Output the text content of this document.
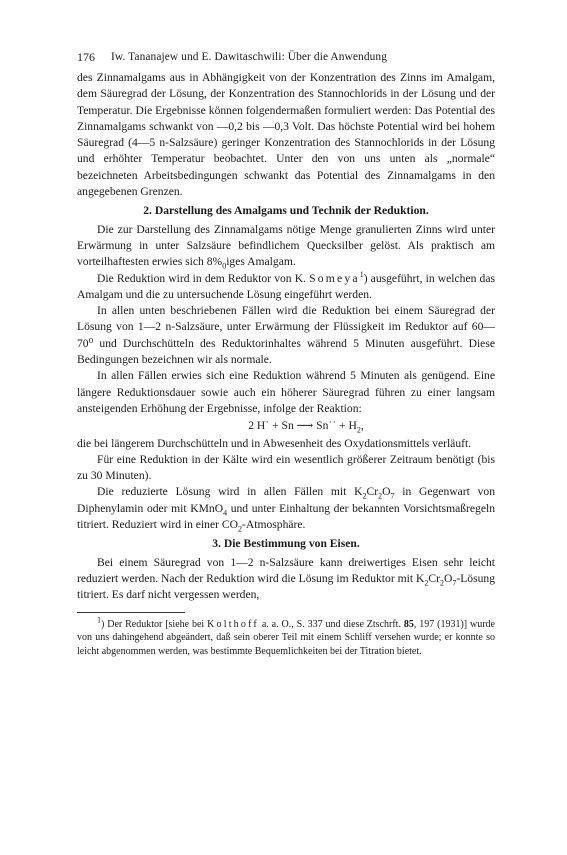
176 Iw. Tananajew und E. Dawitaschwili: Über die Anwendung

des Zinnamalgams aus in Abhängigkeit von der Konzentration des Zinns im Amalgam, dem Säuregrad der Lösung, der Konzentration des Stannochlorids in der Lösung und der Temperatur. Die Ergebnisse können folgendermaßen formuliert werden: Das Potential des Zinnamalgams schwankt von —0,2 bis —0,3 Volt. Das höchste Potential wird bei hohem Säuregrad (4—5 n-Salzsäure) geringer Konzentration des Stannochlorids in der Lösung und erhöhter Temperatur beobachtet. Unter den von uns unten als „normale“ bezeichneten Arbeitsbedingungen schwankt das Potential des Zinnamalgams in den angegebenen Grenzen.

2. Darstellung des Amalgams und Technik der Reduktion.

Die zur Darstellung des Zinnamalgams nötige Menge granulierten Zinns wird unter Erwärmung in unter Salzsäure befindlichem Quecksilber gelöst. Als praktisch am vorteilhaftesten erwies sich $8\%_0iges$ Amalgam.

Die Reduktion wird in dem Reduktor von K. Someya$^1$) ausgeführt, in welchen das Amalgam und die zu untersuchende Lösung eingeführt werden.

In allen unten beschriebenen Fällen wird die Reduktion bei einem Säuregrad der Lösung von 1—2 n-Salzsäure, unter Erwärmung der Flüssigkeit im Reduktor auf 60—70⁰ und Durchschütteln des Reduktorinhaltes während 5 Minuten ausgeführt. Diese Bedingungen bezeichnen wir als normale.

In allen Fällen erwies sich eine Reduktion während 5 Minuten als genügend. Eine längere Reduktionsdauer sowie auch ein höherer Säuregrad führen zu einer langsam ansteigenden Erhöhung der Ergebnisse, infolge der Reaktion:

2 H˙ + Sn ⟶ Sn˙˙ + $H_2$,

die bei längerem Durchschütteln und in Abwesenheit des Oxydationsmittels verläuft.

Für eine Reduktion in der Kälte wird ein wesentlich größerer Zeitraum benötigt (bis zu 30 Minuten).

Die reduzierte Lösung wird in allen Fällen mit $K_2Cr_2O_7$ in Gegenwart von Diphenylamin oder mit KMnO$_4$ und unter Einhaltung der bekannten Vorsichtsmaßregeln titriert. Reduziert wird in einer $CO_2$-Atmosphäre.

3. Die Bestimmung von Eisen.

Bei einem Säuregrad von 1—2 n-Salzsäure kann dreiwertiges Eisen sehr leicht reduziert werden. Nach der Reduktion wird die Lösung im Reduktor mit $K_2Cr_2O_7$-Lösung titriert. Es darf nicht vergessen werden,

$^1$) Der Reduktor [siehe bei Kolthoff a. a. O., S. 337 und diese Ztschrft. 85, 197 (1931)] wurde von uns dahingehend abgeändert, daß sein oberer Teil mit einem Schliff versehen wurde; er konnte so leicht abgenommen werden, was bestimmte Bequemlichkeiten bei der Titration bietet.
